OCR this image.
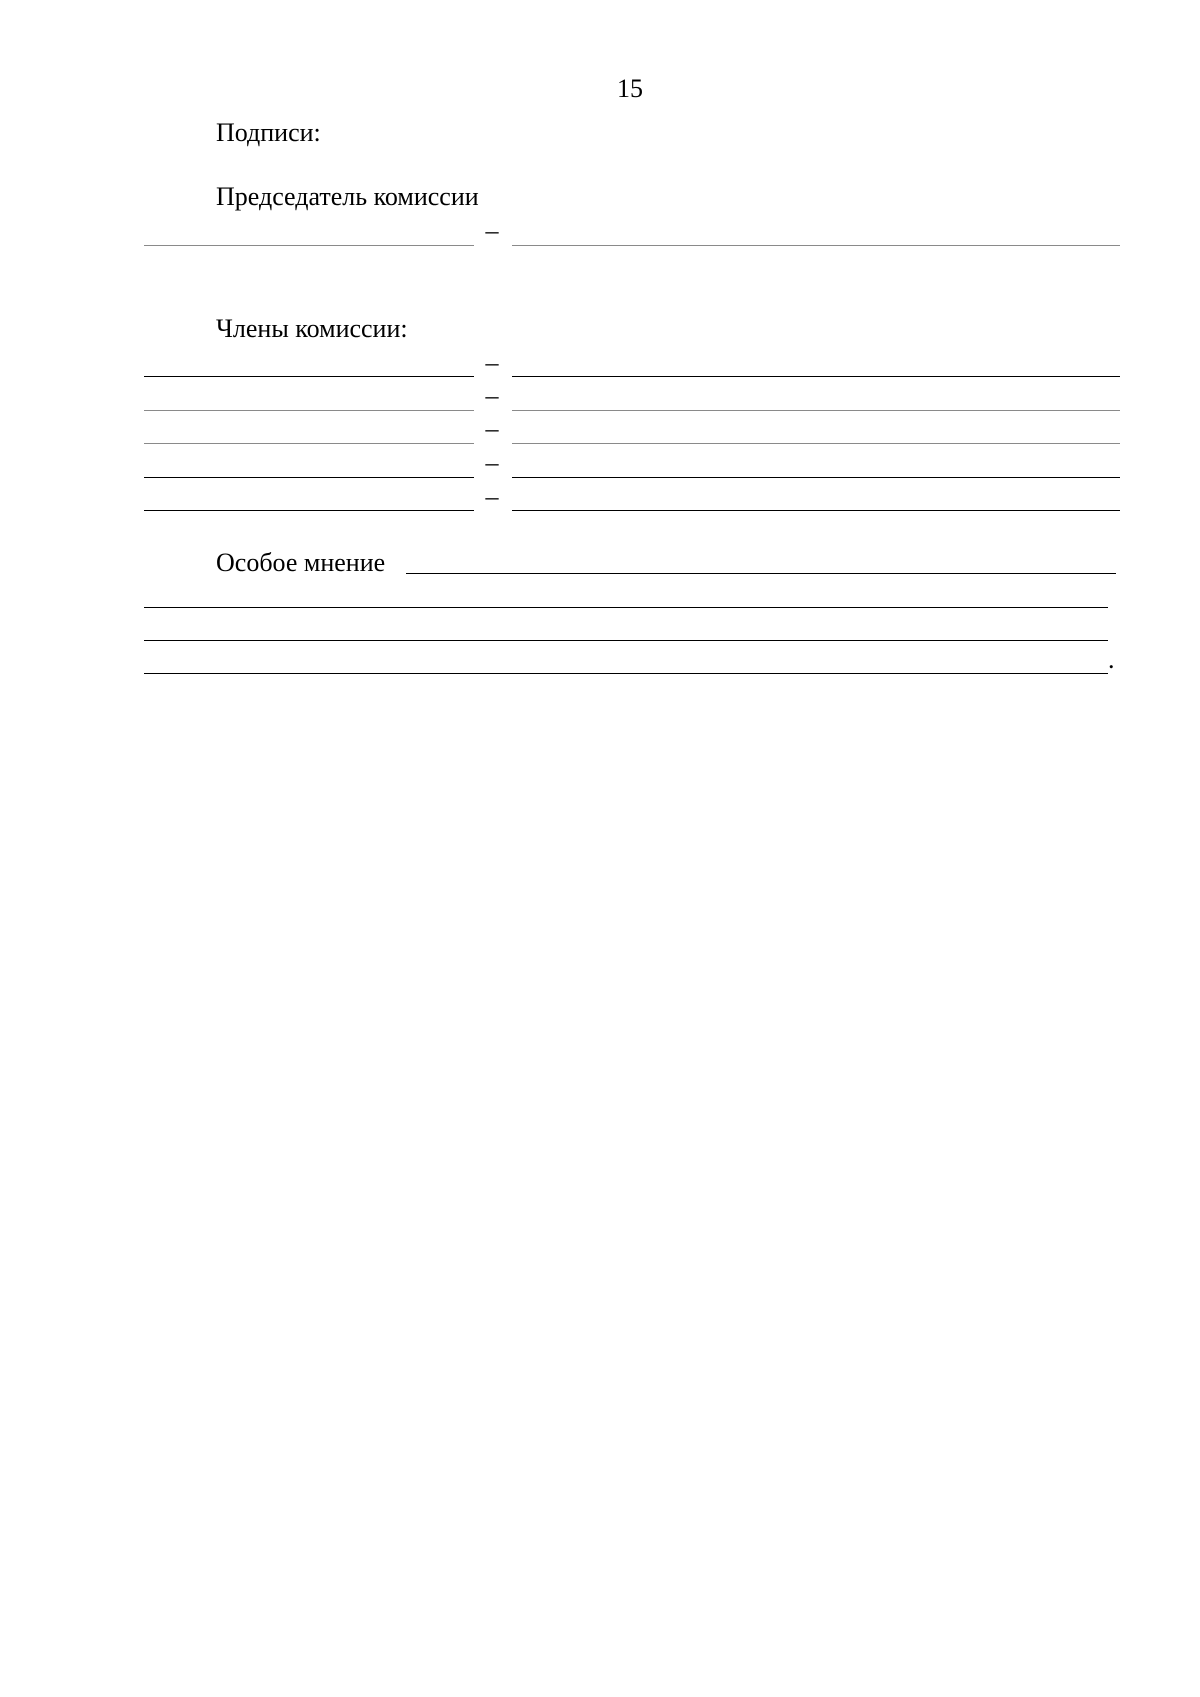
15
Подписи:
Председатель комиссии
–
Члены комиссии:
–
–
–
–
–
Особое мнение
.
